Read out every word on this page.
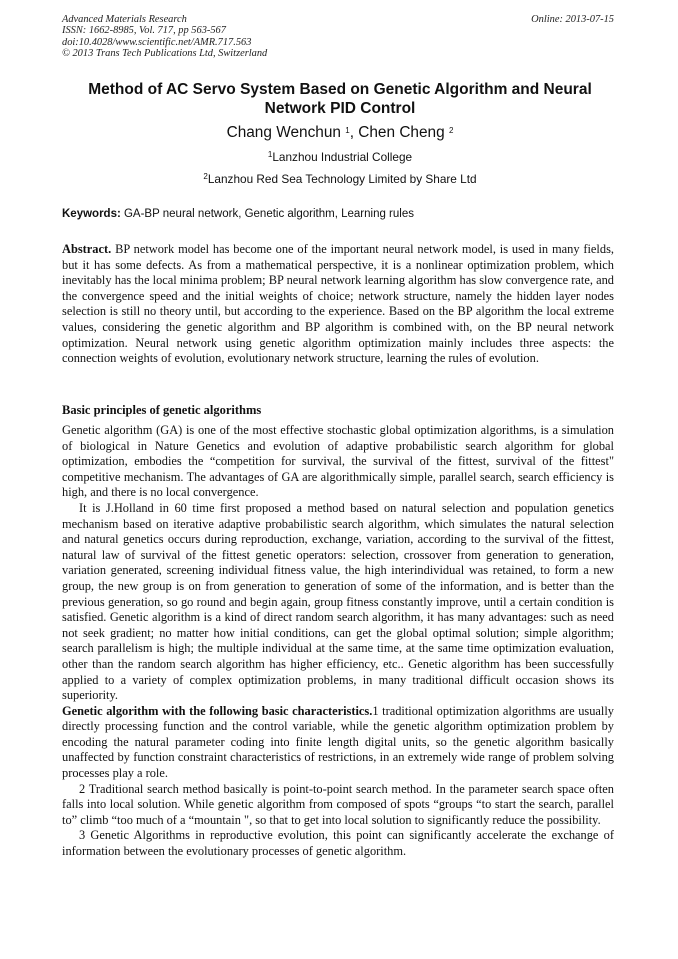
Advanced Materials Research
ISSN: 1662-8985, Vol. 717, pp 563-567
doi:10.4028/www.scientific.net/AMR.717.563
© 2013 Trans Tech Publications Ltd, Switzerland
Online: 2013-07-15
Method of AC Servo System Based on Genetic Algorithm and Neural Network PID Control
Chang Wenchun $^1$, Chen Cheng $^2$
$^1$Lanzhou Industrial College
$^2$Lanzhou Red Sea Technology Limited by Share Ltd
Keywords: GA-BP neural network, Genetic algorithm, Learning rules

Abstract. BP network model has become one of the important neural network model, is used in many fields, but it has some defects. As from a mathematical perspective, it is a nonlinear optimization problem, which inevitably has the local minima problem; BP neural network learning algorithm has slow convergence rate, and the convergence speed and the initial weights of choice; network structure, namely the hidden layer nodes selection is still no theory until, but according to the experience. Based on the BP algorithm the local extreme values, considering the genetic algorithm and BP algorithm is combined with, on the BP neural network optimization. Neural network using genetic algorithm optimization mainly includes three aspects: the connection weights of evolution, evolutionary network structure, learning the rules of evolution.

Basic principles of genetic algorithms

Genetic algorithm (GA) is one of the most effective stochastic global optimization algorithms, is a simulation of biological in Nature Genetics and evolution of adaptive probabilistic search algorithm for global optimization, embodies the “competition for survival, the survival of the fittest, survival of the fittest" competitive mechanism. The advantages of GA are algorithmically simple, parallel search, search efficiency is high, and there is no local convergence.

It is J.Holland in 60 time first proposed a method based on natural selection and population genetics mechanism based on iterative adaptive probabilistic search algorithm, which simulates the natural selection and natural genetics occurs during reproduction, exchange, variation, according to the survival of the fittest, natural law of survival of the fittest genetic operators: selection, crossover from generation to generation, variation generated, screening individual fitness value, the high interindividual was retained, to form a new group, the new group is on from generation to generation of some of the information, and is better than the previous generation, so go round and begin again, group fitness constantly improve, until a certain condition is satisfied. Genetic algorithm is a kind of direct random search algorithm, it has many advantages: such as need not seek gradient; no matter how initial conditions, can get the global optimal solution; simple algorithm; search parallelism is high; the multiple individual at the same time, at the same time optimization evaluation, other than the random search algorithm has higher efficiency, etc.. Genetic algorithm has been successfully applied to a variety of complex optimization problems, in many traditional difficult occasion shows its superiority.

Genetic algorithm with the following basic characteristics.1 traditional optimization algorithms are usually directly processing function and the control variable, while the genetic algorithm optimization problem by encoding the natural parameter coding into finite length digital units, so the genetic algorithm basically unaffected by function constraint characteristics of restrictions, in an extremely wide range of problem solving processes play a role.

2 Traditional search method basically is point-to-point search method. In the parameter search space often falls into local solution. While genetic algorithm from composed of spots “groups “to start the search, parallel to” climb “too much of a “mountain ", so that to get into local solution to significantly reduce the possibility.

3 Genetic Algorithms in reproductive evolution, this point can significantly accelerate the exchange of information between the evolutionary processes of genetic algorithm.
